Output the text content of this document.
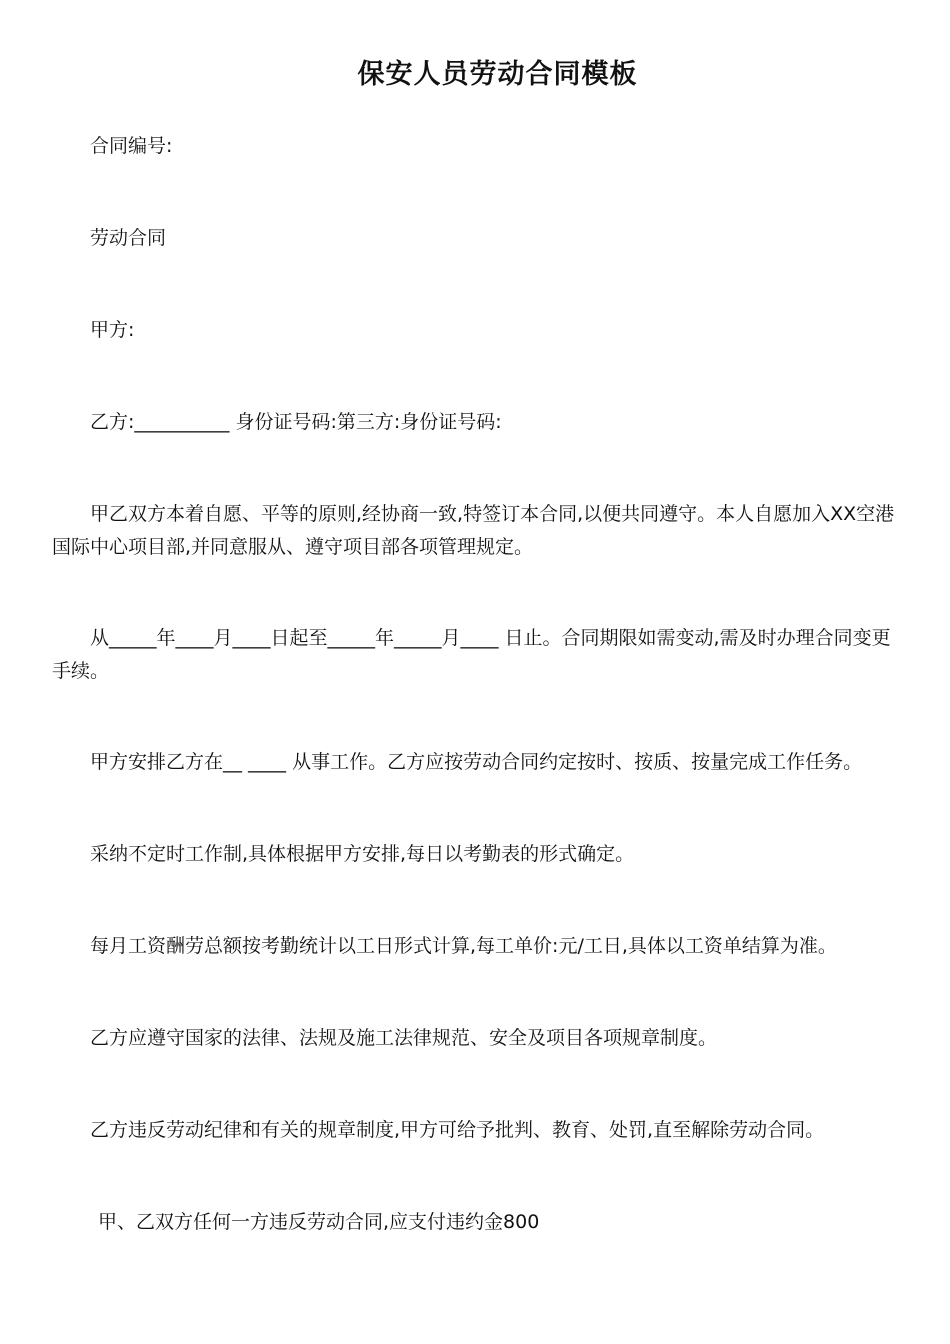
保安人员劳动合同模板

合同编号:

劳动合同

甲方:

乙方:__________ 身份证号码:第三方:身份证号码:

甲乙双方本着自愿、平等的原则,经协商一致,特签订本合同,以便共同遵守。本人自愿加入XX空港国际中心项目部,并同意服从、遵守项目部各项管理规定。

从_____年____月____日起至_____年_____月____ 日止。合同期限如需变动,需及时办理合同变更手续。

甲方安排乙方在__ ____ 从事工作。乙方应按劳动合同约定按时、按质、按量完成工作任务。

采纳不定时工作制,具体根据甲方安排,每日以考勤表的形式确定。

每月工资酬劳总额按考勤统计以工日形式计算,每工单价:元/工日,具体以工资单结算为准。

乙方应遵守国家的法律、法规及施工法律规范、安全及项目各项规章制度。

乙方违反劳动纪律和有关的规章制度,甲方可给予批判、教育、处罚,直至解除劳动合同。

甲、乙双方任何一方违反劳动合同,应支付违约金800
